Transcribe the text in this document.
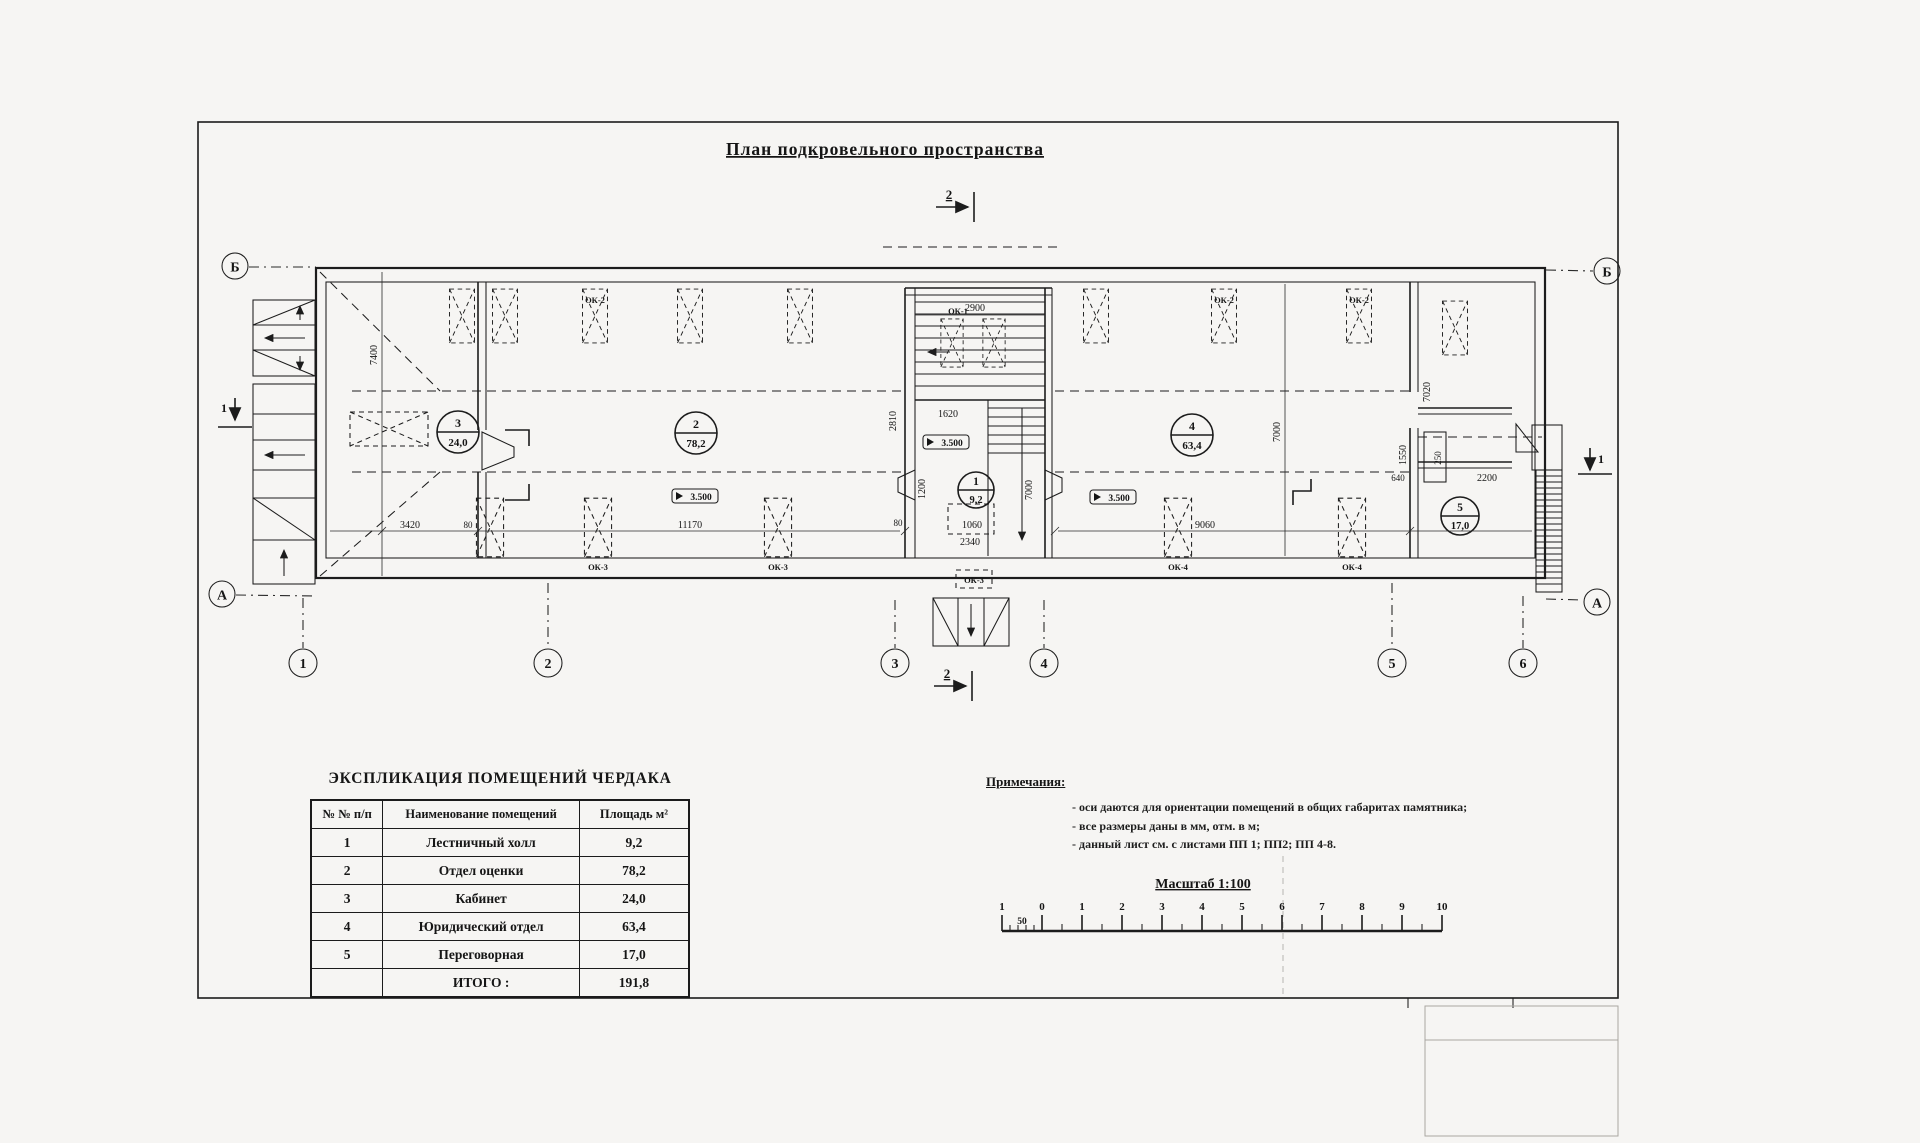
План подкровельного пространства
2
Б	Б
А
А
1
1
ОК-2	ОК-2	ОК-2
ОК-3	ОК-3	ОК-4	ОК-4
ОК-1
ОК-3
3
24,0
2
78,2
1
9,2
4
63,4
5
17,0
3.500
3.500
3.500
2900
7400
2810	1620
1200	7000
7000
1060
2340
3420	80	11170	80	9060
7020
1550
640	2200
250
1	2	3	4	5	6
2
Масштаб 1:100
1
50
0	1	2	3	4	5	6	7	8	9	10
ЭКСПЛИКАЦИЯ ПОМЕЩЕНИЙ ЧЕРДАКА
№ № п/п	Наименование помещений	Площадь м²
1	Лестничный холл	9,2
2	Отдел оценки	78,2
3	Кабинет	24,0
4	Юридический отдел	63,4
5	Переговорная	17,0
	ИТОГО :	191,8
Примечания:
- оси даются для ориентации помещений в общих габаритах памятника;
- все размеры даны в мм, отм. в м;
- данный лист см. с листами ПП 1; ПП2; ПП 4-8.
